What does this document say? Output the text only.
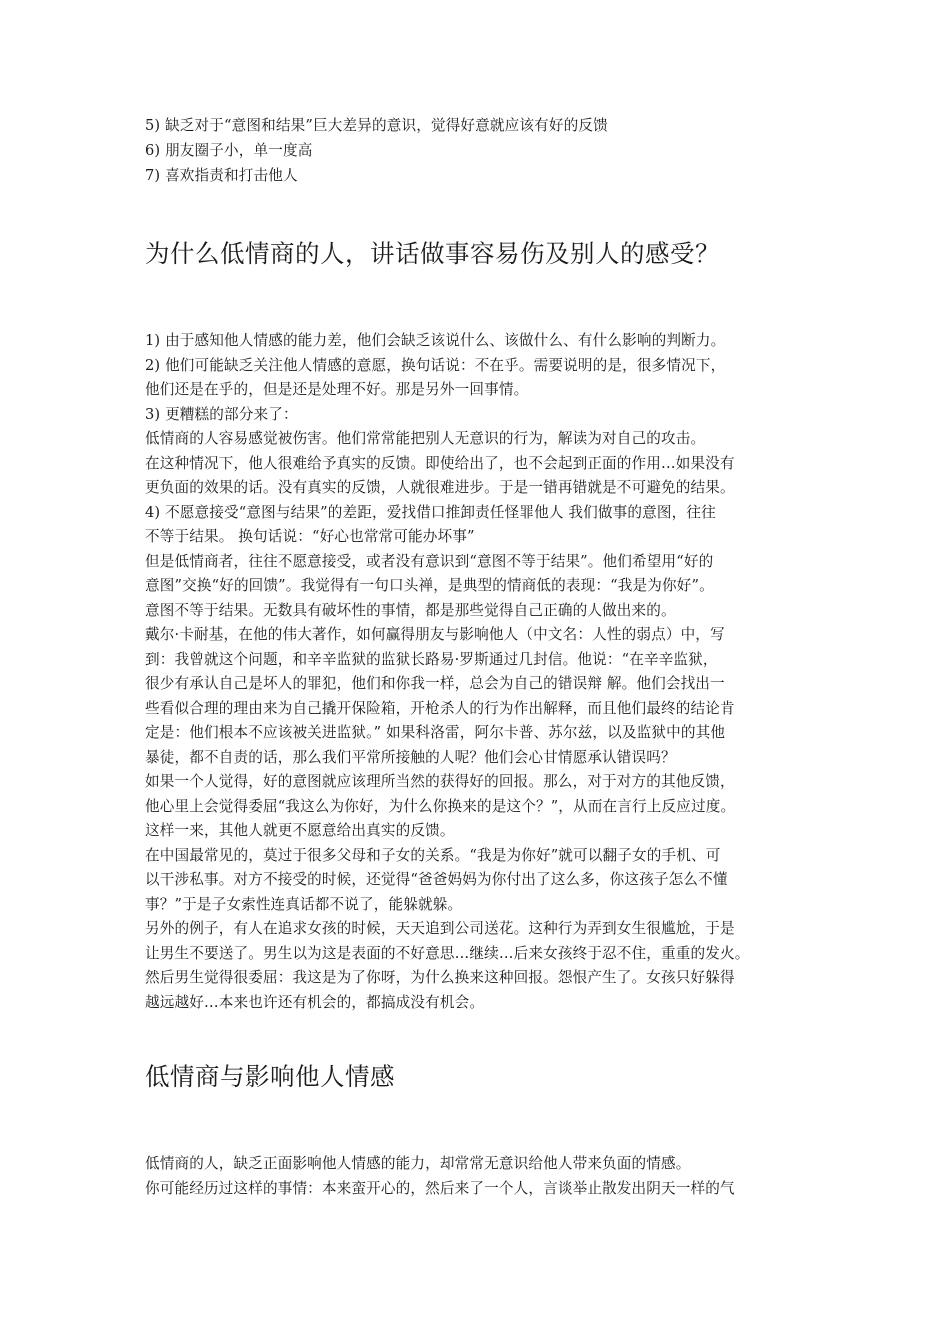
5) 缺乏对于“意图和结果”巨大差异的意识，觉得好意就应该有好的反馈
6) 朋友圈子小，单一度高
7) 喜欢指责和打击他人
为什么低情商的人，讲话做事容易伤及别人的感受？
1) 由于感知他人情感的能力差，他们会缺乏该说什么、该做什么、有什么影响的判断力。
2) 他们可能缺乏关注他人情感的意愿，换句话说：不在乎。需要说明的是，很多情况下，
他们还是在乎的，但是还是处理不好。那是另外一回事情。
3) 更糟糕的部分来了：
低情商的人容易感觉被伤害。他们常常能把别人无意识的行为，解读为对自己的攻击。
在这种情况下，他人很难给予真实的反馈。即使给出了，也不会起到正面的作用…如果没有
更负面的效果的话。没有真实的反馈，人就很难进步。于是一错再错就是不可避免的结果。
4) 不愿意接受“意图与结果”的差距，爱找借口推卸责任怪罪他人 我们做事的意图，往往
不等于结果。 换句话说：“好心也常常可能办坏事”
但是低情商者，往往不愿意接受，或者没有意识到“意图不等于结果”。他们希望用“好的
意图”交换“好的回馈”。我觉得有一句口头禅，是典型的情商低的表现：“我是为你好”。
意图不等于结果。无数具有破坏性的事情，都是那些觉得自己正确的人做出来的。
戴尔·卡耐基，在他的伟大著作，如何赢得朋友与影响他人（中文名：人性的弱点）中，写
到：我曾就这个问题，和辛辛监狱的监狱长路易·罗斯通过几封信。他说：“在辛辛监狱，
很少有承认自己是坏人的罪犯，他们和你我一样，总会为自己的错误辩 解。他们会找出一
些看似合理的理由来为自己撬开保险箱，开枪杀人的行为作出解释，而且他们最终的结论肯
定是：他们根本不应该被关进监狱。” 如果科洛雷，阿尔卡普、苏尔兹，以及监狱中的其他
暴徒，都不自责的话，那么我们平常所接触的人呢？他们会心甘情愿承认错误吗？
如果一个人觉得，好的意图就应该理所当然的获得好的回报。那么，对于对方的其他反馈，
他心里上会觉得委屈“我这么为你好，为什么你换来的是这个？”，从而在言行上反应过度。
这样一来，其他人就更不愿意给出真实的反馈。
在中国最常见的，莫过于很多父母和子女的关系。“我是为你好”就可以翻子女的手机、可
以干涉私事。对方不接受的时候，还觉得“爸爸妈妈为你付出了这么多，你这孩子怎么不懂
事？”于是子女索性连真话都不说了，能躲就躲。
另外的例子，有人在追求女孩的时候，天天追到公司送花。这种行为弄到女生很尴尬，于是
让男生不要送了。男生以为这是表面的不好意思…继续…后来女孩终于忍不住，重重的发火。
然后男生觉得很委屈：我这是为了你呀，为什么换来这种回报。怨恨产生了。女孩只好躲得
越远越好…本来也许还有机会的，都搞成没有机会。
低情商与影响他人情感
低情商的人，缺乏正面影响他人情感的能力，却常常无意识给他人带来负面的情感。
你可能经历过这样的事情：本来蛮开心的，然后来了一个人，言谈举止散发出阴天一样的气
